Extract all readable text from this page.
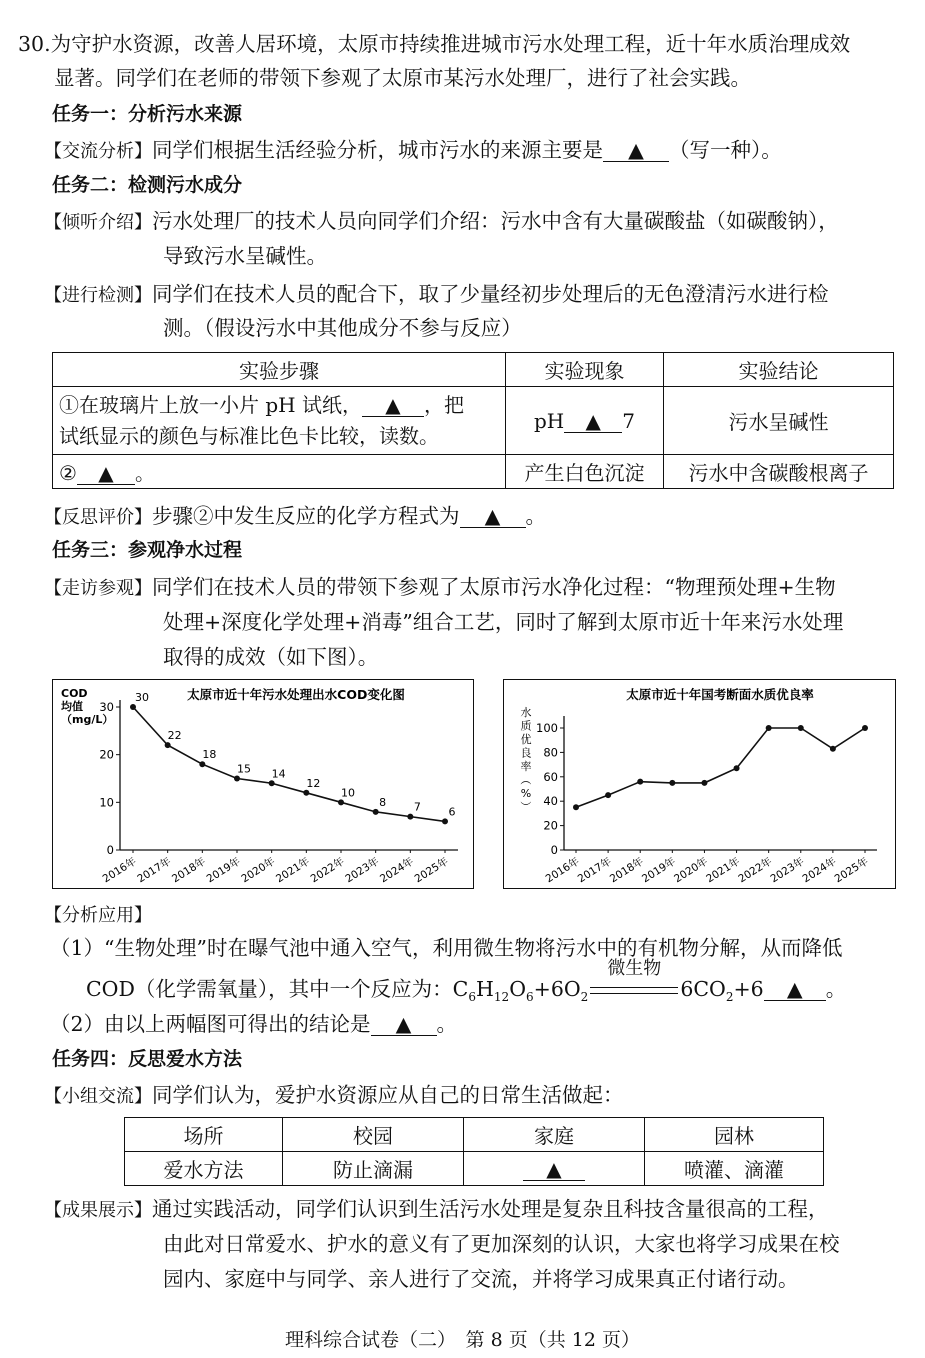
30.为守护水资源，改善人居环境，太原市持续推进城市污水处理工程，近十年水质治理成效
显著。同学们在老师的带领下参观了太原市某污水处理厂，进行了社会实践。
任务一：分析污水来源
【交流分析】同学们根据生活经验分析，城市污水的来源主要是 ▲ （写一种）。
任务二：检测污水成分
【倾听介绍】污水处理厂的技术人员向同学们介绍：污水中含有大量碳酸盐（如碳酸钠），
导致污水呈碱性。
【进行检测】同学们在技术人员的配合下，取了少量经初步处理后的无色澄清污水进行检
测。（假设污水中其他成分不参与反应）
实验步骤	实验现象	实验结论
①在玻璃片上放一小片 pH 试纸， ▲ ，把
试纸显示的颜色与标准比色卡比较，读数。	pH ▲ 7	污水呈碱性
② ▲ 。	产生白色沉淀	污水中含碳酸根离子
【反思评价】步骤②中发生反应的化学方程式为 ▲ 。
任务三：参观净水过程
【走访参观】同学们在技术人员的带领下参观了太原市污水净化过程：“物理预处理+生物
处理+深度化学处理+消毒”组合工艺，同时了解到太原市近十年来污水处理
取得的成效（如下图）。
太原市近十年污水处理出水COD变化图
0
10
20
30
2016年
2017年
2018年
2019年
2020年
2021年
2022年
2023年
2024年
2025年
30
22
18
15 14
12
10
8	7	6
COD
均值
（mg/L）
太原市近十年国考断面水质优良率
0
20
40
60
80
100
2016年
2017年
2018年
2019年
2020年
2021年
2022年
2023年
2024年
2025年
水
质
优
良
率
（
%
）
【分析应用】
（1）“生物处理”时在曝气池中通入空气，利用微生物将污水中的有机物分解，从而降低
COD（化学需氧量），其中一个反应为：$C_6H_{12}O_6+6O_2$
微生物
$6CO_2+6$ ▲ 。
（2）由以上两幅图可得出的结论是 ▲ 。
任务四：反思爱水方法
【小组交流】同学们认为，爱护水资源应从自己的日常生活做起：
场所	校园	家庭	园林
爱水方法	防止滴漏	▲	喷灌、滴灌
【成果展示】通过实践活动，同学们认识到生活污水处理是复杂且科技含量很高的工程，
由此对日常爱水、护水的意义有了更加深刻的认识，大家也将学习成果在校
园内、家庭中与同学、亲人进行了交流，并将学习成果真正付诸行动。
理科综合试卷（二）　第 8 页（共 12 页）
